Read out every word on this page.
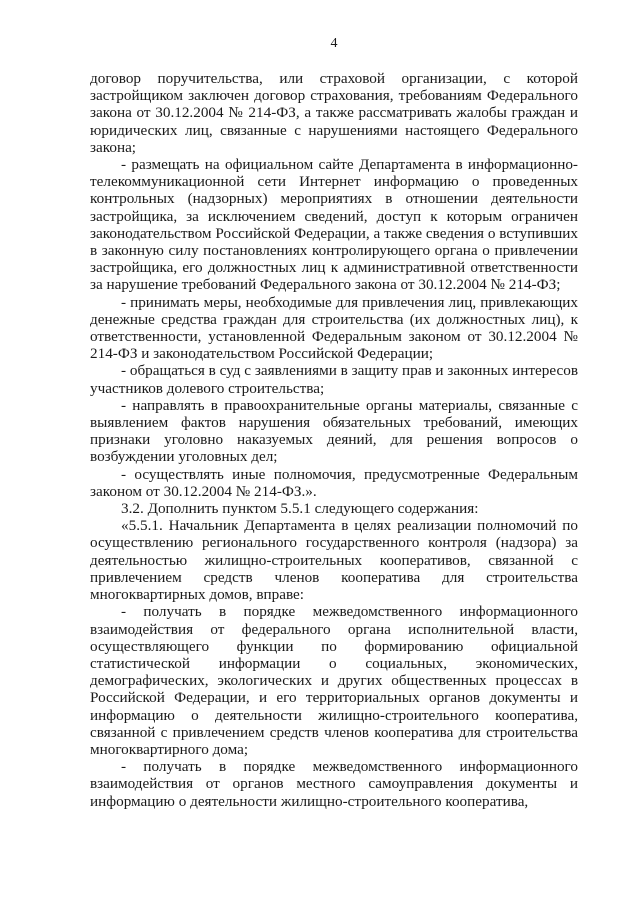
4

договор поручительства, или страховой организации, с которой застройщиком заключен договор страхования, требованиям Федерального закона от 30.12.2004 № 214-ФЗ, а также рассматривать жалобы граждан и юридических лиц, связанные с нарушениями настоящего Федерального закона;

- размещать на официальном сайте Департамента в информационно-телекоммуникационной сети Интернет информацию о проведенных контрольных (надзорных) мероприятиях в отношении деятельности застройщика, за исключением сведений, доступ к которым ограничен законодательством Российской Федерации, а также сведения о вступивших в законную силу постановлениях контролирующего органа о привлечении застройщика, его должностных лиц к административной ответственности за нарушение требований Федерального закона от 30.12.2004 № 214-ФЗ;

- принимать меры, необходимые для привлечения лиц, привлекающих денежные средства граждан для строительства (их должностных лиц), к ответственности, установленной Федеральным законом от 30.12.2004 № 214-ФЗ и законодательством Российской Федерации;

- обращаться в суд с заявлениями в защиту прав и законных интересов участников долевого строительства;

- направлять в правоохранительные органы материалы, связанные с выявлением фактов нарушения обязательных требований, имеющих признаки уголовно наказуемых деяний, для решения вопросов о возбуждении уголовных дел;

- осуществлять иные полномочия, предусмотренные Федеральным законом от 30.12.2004 № 214-ФЗ.».

3.2. Дополнить пунктом 5.5.1 следующего содержания:

«5.5.1. Начальник Департамента в целях реализации полномочий по осуществлению регионального государственного контроля (надзора) за деятельностью жилищно-строительных кооперативов, связанной с привлечением средств членов кооператива для строительства многоквартирных домов, вправе:

- получать в порядке межведомственного информационного взаимодействия от федерального органа исполнительной власти, осуществляющего функции по формированию официальной статистической информации о социальных, экономических, демографических, экологических и других общественных процессах в Российской Федерации, и его территориальных органов документы и информацию о деятельности жилищно-строительного кооператива, связанной с привлечением средств членов кооператива для строительства многоквартирного дома;

- получать в порядке межведомственного информационного взаимодействия от органов местного самоуправления документы и информацию о деятельности жилищно-строительного кооператива,
